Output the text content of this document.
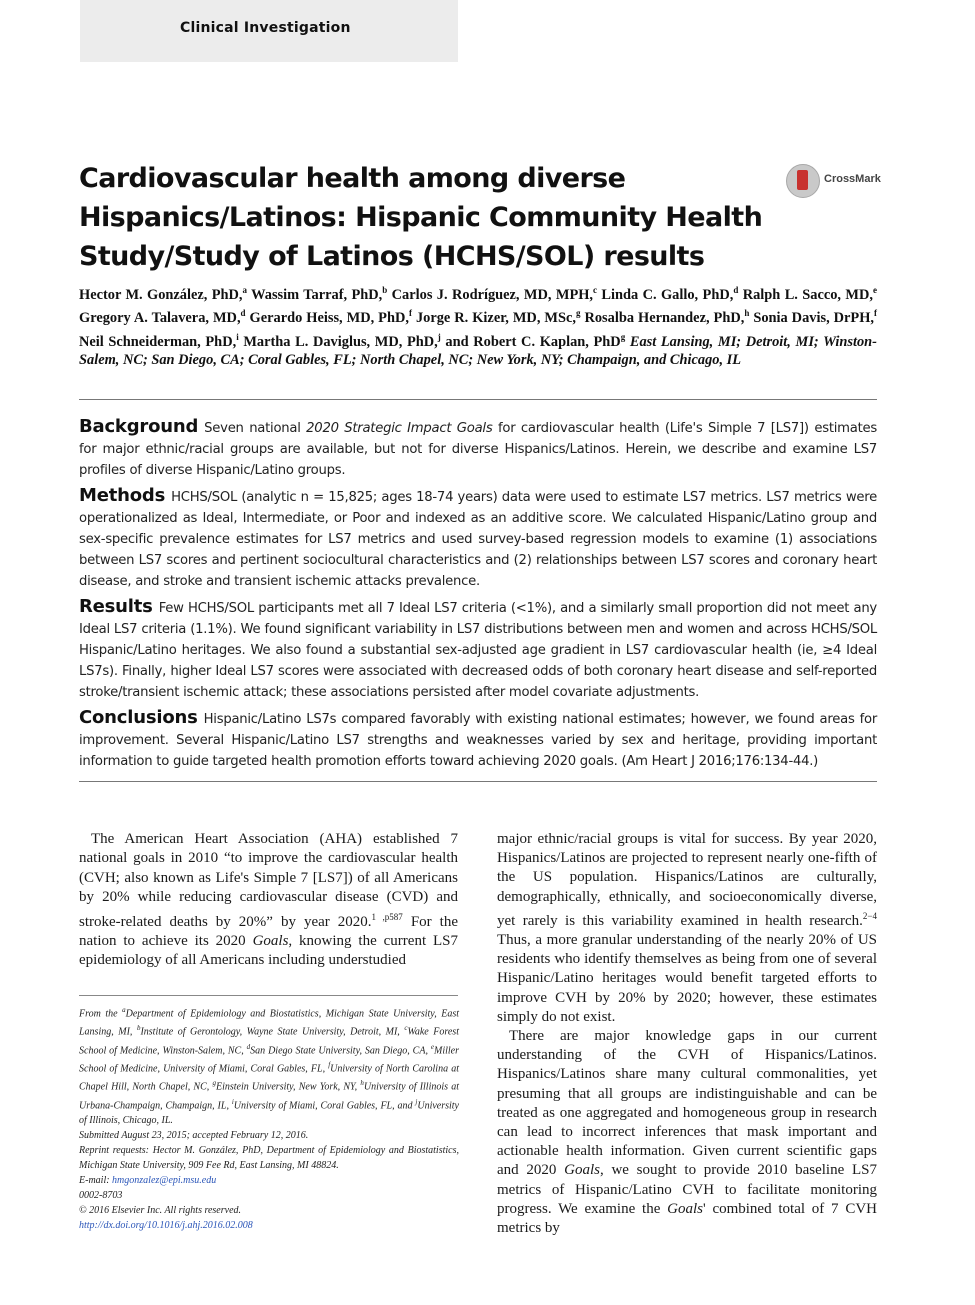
Clinical Investigation
Cardiovascular health among diverse Hispanics/Latinos: Hispanic Community Health Study/Study of Latinos (HCHS/SOL) results
CrossMark
Hector M. González, PhD,$^a$ Wassim Tarraf, PhD,$^b$ Carlos J. Rodríguez, MD, MPH,$^c$ Linda C. Gallo, PhD,$^d$ Ralph L. Sacco, MD,$^e$ Gregory A. Talavera, MD,$^d$ Gerardo Heiss, MD, PhD,$^f$ Jorge R. Kizer, MD, MSc,$^g$ Rosalba Hernandez, PhD,$^h$ Sonia Davis, DrPH,$^f$ Neil Schneiderman, PhD,$^i$ Martha L. Daviglus, MD, PhD,$^j$ and Robert C. Kaplan, PhD$^g$ East Lansing, MI; Detroit, MI; Winston-Salem, NC; San Diego, CA; Coral Gables, FL; North Chapel, NC; New York, NY; Champaign, and Chicago, IL

Background Seven national 2020 Strategic Impact Goals for cardiovascular health (Life's Simple 7 [LS7]) estimates for major ethnic/racial groups are available, but not for diverse Hispanics/Latinos. Herein, we describe and examine LS7 profiles of diverse Hispanic/Latino groups.

Methods HCHS/SOL (analytic n = 15,825; ages 18-74 years) data were used to estimate LS7 metrics. LS7 metrics were operationalized as Ideal, Intermediate, or Poor and indexed as an additive score. We calculated Hispanic/Latino group and sex-specific prevalence estimates for LS7 metrics and used survey-based regression models to examine (1) associations between LS7 scores and pertinent sociocultural characteristics and (2) relationships between LS7 scores and coronary heart disease, and stroke and transient ischemic attacks prevalence.

Results Few HCHS/SOL participants met all 7 Ideal LS7 criteria (<1%), and a similarly small proportion did not meet any Ideal LS7 criteria (1.1%). We found significant variability in LS7 distributions between men and women and across HCHS/SOL Hispanic/Latino heritages. We also found a substantial sex-adjusted age gradient in LS7 cardiovascular health (ie, ≥4 Ideal LS7s). Finally, higher Ideal LS7 scores were associated with decreased odds of both coronary heart disease and self-reported stroke/transient ischemic attack; these associations persisted after model covariate adjustments.

Conclusions Hispanic/Latino LS7s compared favorably with existing national estimates; however, we found areas for improvement. Several Hispanic/Latino LS7 strengths and weaknesses varied by sex and heritage, providing important information to guide targeted health promotion efforts toward achieving 2020 goals. (Am Heart J 2016;176:134-44.)

The American Heart Association (AHA) established 7 national goals in 2010 “to improve the cardiovascular health (CVH; also known as Life's Simple 7 [LS7]) of all Americans by 20% while reducing cardiovascular disease (CVD) and stroke-related deaths by 20%” by year 2020.$^{1 ,p587}$ For the nation to achieve its 2020 Goals, knowing the current LS7 epidemiology of all Americans including understudied

From the $^a$Department of Epidemiology and Biostatistics, Michigan State University, East Lansing, MI, $^b$Institute of Gerontology, Wayne State University, Detroit, MI, $^c$Wake Forest School of Medicine, Winston-Salem, NC, $^d$San Diego State University, San Diego, CA, $^e$Miller School of Medicine, University of Miami, Coral Gables, FL, $^f$University of North Carolina at Chapel Hill, North Chapel, NC, $^g$Einstein University, New York, NY, $^h$University of Illinois at Urbana-Champaign, Champaign, IL, $^i$University of Miami, Coral Gables, FL, and $^j$University of Illinois, Chicago, IL.

Submitted August 23, 2015; accepted February 12, 2016.

Reprint requests: Hector M. González, PhD, Department of Epidemiology and Biostatistics, Michigan State University, 909 Fee Rd, East Lansing, MI 48824.

E-mail: hmgonzalez@epi.msu.edu

0002-8703

© 2016 Elsevier Inc. All rights reserved.

http://dx.doi.org/10.1016/j.ahj.2016.02.008

major ethnic/racial groups is vital for success. By year 2020, Hispanics/Latinos are projected to represent nearly one-fifth of the US population. Hispanics/Latinos are culturally, demographically, ethnically, and socioeconomically diverse, yet rarely is this variability examined in health research.$^{2-4}$ Thus, a more granular understanding of the nearly 20% of US residents who identify themselves as being from one of several Hispanic/Latino heritages would benefit targeted efforts to improve CVH by 20% by 2020; however, these estimates simply do not exist.

There are major knowledge gaps in our current understanding of the CVH of Hispanics/Latinos. Hispanics/Latinos share many cultural commonalities, yet presuming that all groups are indistinguishable and can be treated as one aggregated and homogeneous group in research can lead to incorrect inferences that mask important and actionable health information. Given current scientific gaps and 2020 Goals, we sought to provide 2010 baseline LS7 metrics of Hispanic/Latino CVH to facilitate monitoring progress. We examine the Goals' combined total of 7 CVH metrics by
